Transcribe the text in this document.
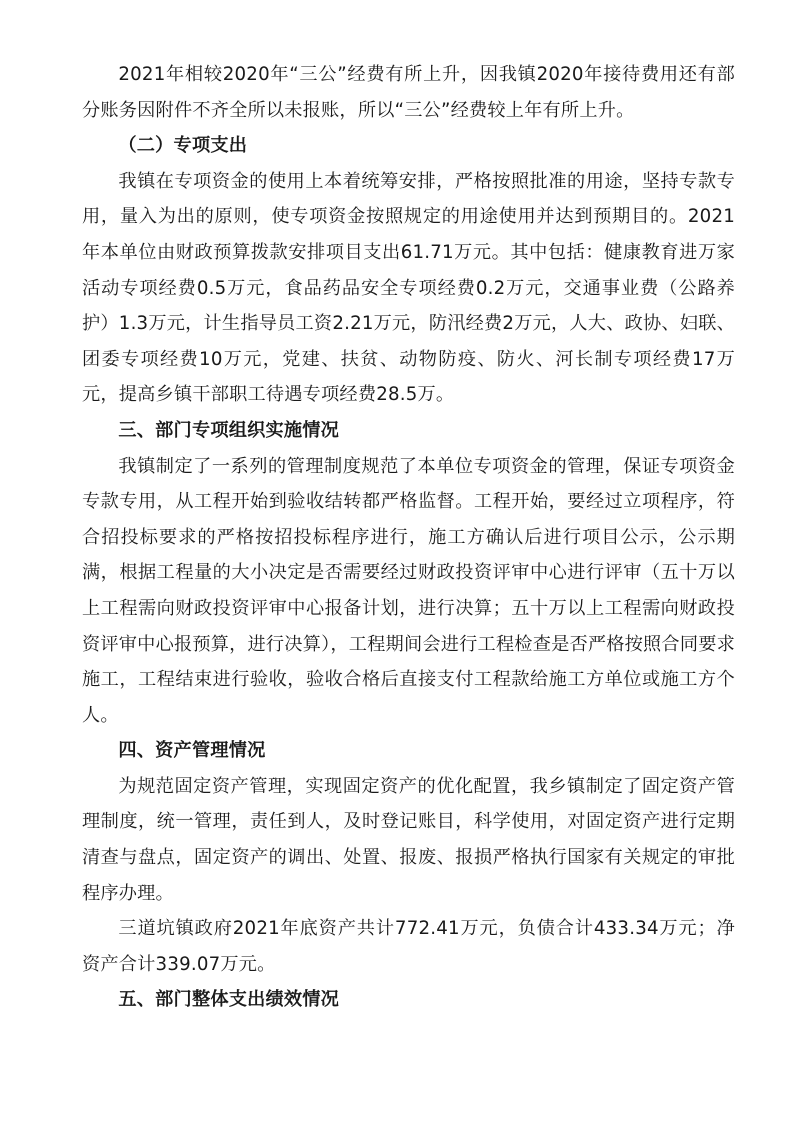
2021年相较2020年“三公”经费有所上升，因我镇2020年接待费用还有部分账务因附件不齐全所以未报账，所以“三公”经费较上年有所上升。

（二）专项支出

我镇在专项资金的使用上本着统筹安排，严格按照批准的用途，坚持专款专用，量入为出的原则，使专项资金按照规定的用途使用并达到预期目的。2021年本单位由财政预算拨款安排项目支出61.71万元。其中包括：健康教育进万家活动专项经费0.5万元，食品药品安全专项经费0.2万元，交通事业费（公路养护）1.3万元，计生指导员工资2.21万元，防汛经费2万元，人大、政协、妇联、团委专项经费10万元，党建、扶贫、动物防疫、防火、河长制专项经费17万元，提高乡镇干部职工待遇专项经费28.5万。

三、部门专项组织实施情况

我镇制定了一系列的管理制度规范了本单位专项资金的管理，保证专项资金专款专用，从工程开始到验收结转都严格监督。工程开始，要经过立项程序，符合招投标要求的严格按招投标程序进行，施工方确认后进行项目公示，公示期满，根据工程量的大小决定是否需要经过财政投资评审中心进行评审（五十万以上工程需向财政投资评审中心报备计划，进行决算；五十万以上工程需向财政投资评审中心报预算，进行决算），工程期间会进行工程检查是否严格按照合同要求施工，工程结束进行验收，验收合格后直接支付工程款给施工方单位或施工方个人。

四、资产管理情况

为规范固定资产管理，实现固定资产的优化配置，我乡镇制定了固定资产管理制度，统一管理，责任到人，及时登记账目，科学使用，对固定资产进行定期清查与盘点，固定资产的调出、处置、报废、报损严格执行国家有关规定的审批程序办理。

三道坑镇政府2021年底资产共计772.41万元，负债合计433.34万元；净资产合计339.07万元。

五、部门整体支出绩效情况
